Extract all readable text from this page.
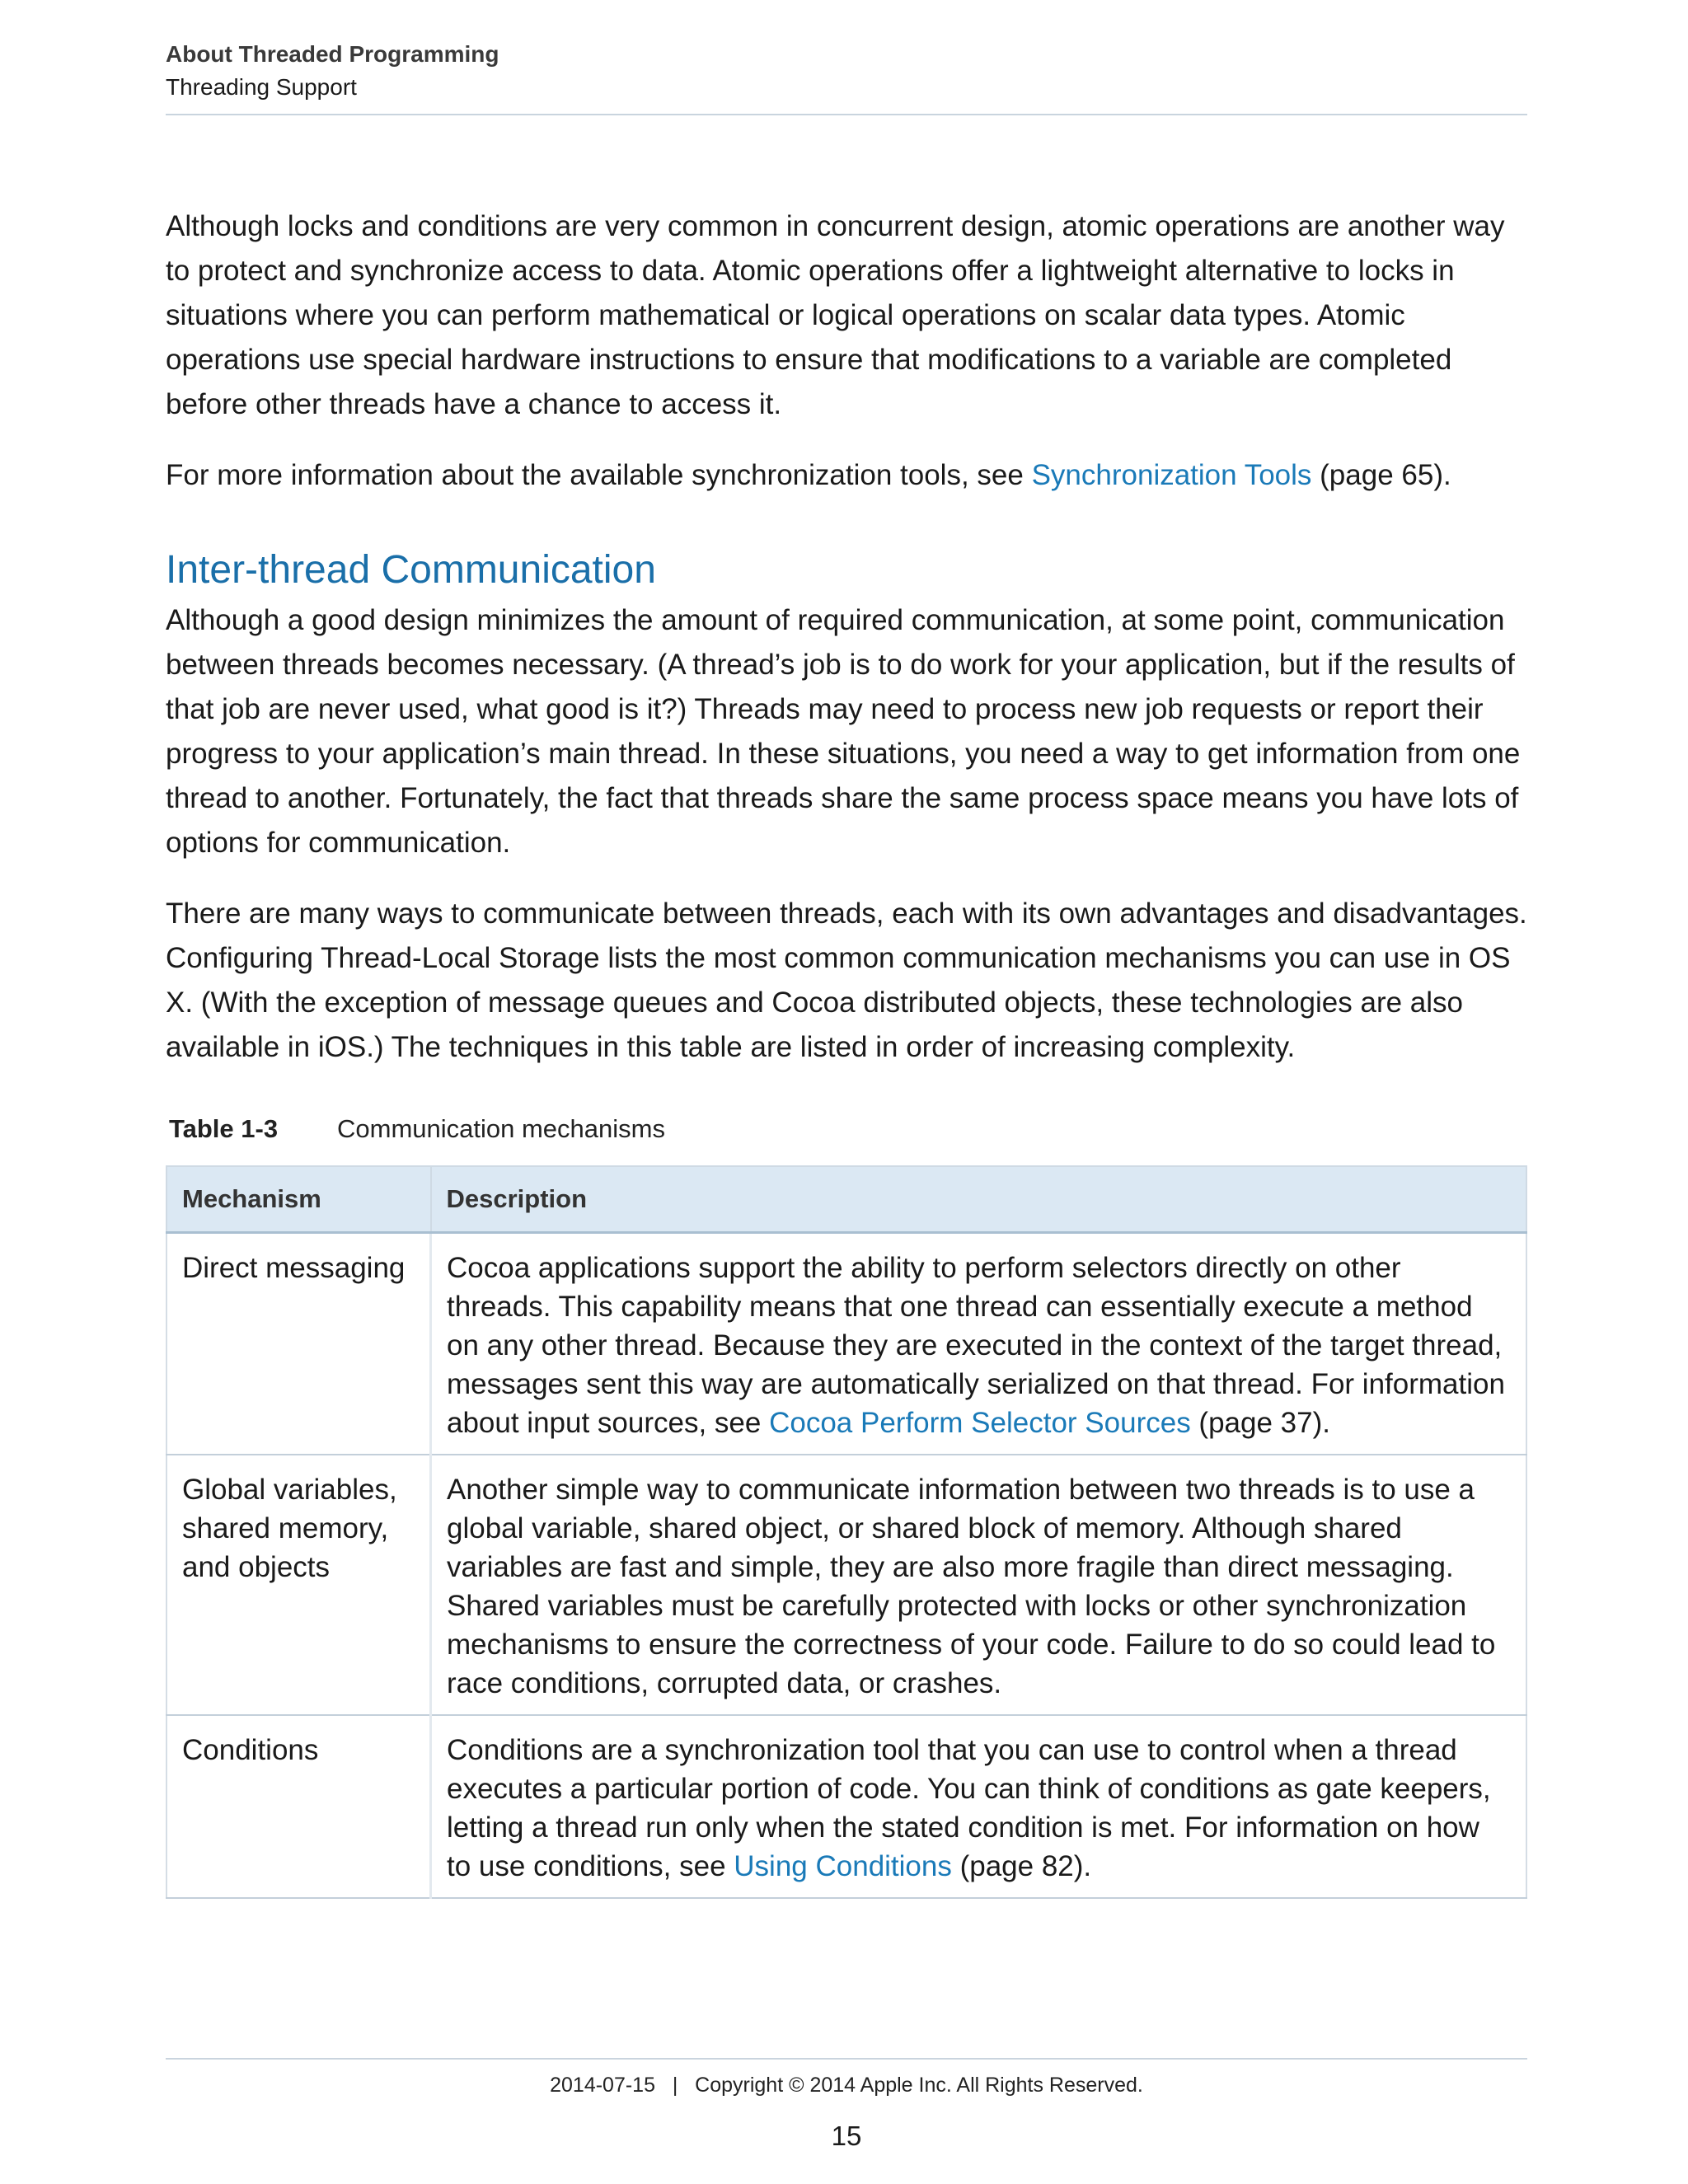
About Threaded Programming
Threading Support

Although locks and conditions are very common in concurrent design, atomic operations are another way to protect and synchronize access to data. Atomic operations offer a lightweight alternative to locks in situations where you can perform mathematical or logical operations on scalar data types. Atomic operations use special hardware instructions to ensure that modifications to a variable are completed before other threads have a chance to access it.

For more information about the available synchronization tools, see Synchronization Tools (page 65).

Inter-thread Communication

Although a good design minimizes the amount of required communication, at some point, communication between threads becomes necessary. (A thread’s job is to do work for your application, but if the results of that job are never used, what good is it?) Threads may need to process new job requests or report their progress to your application’s main thread. In these situations, you need a way to get information from one thread to another. Fortunately, the fact that threads share the same process space means you have lots of options for communication.

There are many ways to communicate between threads, each with its own advantages and disadvantages. Configuring Thread-Local Storage lists the most common communication mechanisms you can use in OS X. (With the exception of message queues and Cocoa distributed objects, these technologies are also available in iOS.) The techniques in this table are listed in order of increasing complexity.

Table 1-3	Communication mechanisms
Mechanism	Description
Direct messaging	Cocoa applications support the ability to perform selectors directly on other threads. This capability means that one thread can essentially execute a method on any other thread. Because they are executed in the context of the target thread, messages sent this way are automatically serialized on that thread. For information about input sources, see Cocoa Perform Selector Sources (page 37).
Global variables, shared memory, and objects	Another simple way to communicate information between two threads is to use a global variable, shared object, or shared block of memory. Although shared variables are fast and simple, they are also more fragile than direct messaging. Shared variables must be carefully protected with locks or other synchronization mechanisms to ensure the correctness of your code. Failure to do so could lead to race conditions, corrupted data, or crashes.
Conditions	Conditions are a synchronization tool that you can use to control when a thread executes a particular portion of code. You can think of conditions as gate keepers, letting a thread run only when the stated condition is met. For information on how to use conditions, see Using Conditions (page 82).
2014-07-15   |   Copyright © 2014 Apple Inc. All Rights Reserved.
15
